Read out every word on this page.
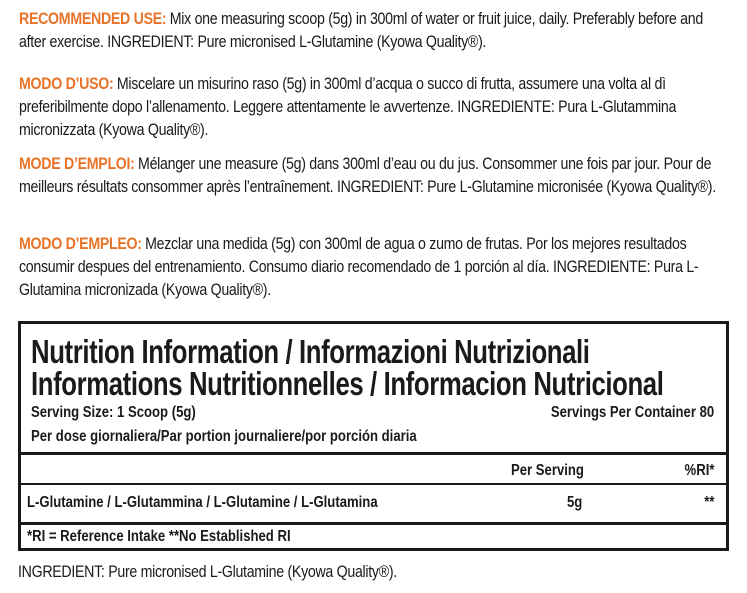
RECOMMENDED USE: Mix one measuring scoop (5g) in 300ml of water or fruit juice, daily. Preferably before and after exercise. INGREDIENT: Pure micronised L-Glutamine (Kyowa Quality®).
MODO D’USO: Miscelare un misurino raso (5g) in 300ml d’acqua o succo di frutta, assumere una volta al dì preferibilmente dopo l’allenamento. Leggere attentamente le avvertenze. INGREDIENTE: Pura L-Glutammina micronizzata (Kyowa Quality®).
MODE D’EMPLOI: Mélanger une measure (5g) dans 300ml d’eau ou du jus. Consommer une fois par jour. Pour de meilleurs résultats consommer après l’entraînement. INGREDIENT: Pure L-Glutamine micronisée (Kyowa Quality®).
MODO D’EMPLEO: Mezclar una medida (5g) con 300ml de agua o zumo de frutas. Por los mejores resultados consumir despues del entrenamiento. Consumo diario recomendado de 1 porción al día. INGREDIENTE: Pura L-Glutamina micronizada (Kyowa Quality®).
Nutrition Information / Informazioni Nutrizionali
Informations Nutritionnelles / Informacion Nutricional
Serving Size: 1 Scoop (5g)	Servings Per Container 80
Per dose giornaliera/Par portion journaliere/por porción diaria
Per Serving	%RI*
L-Glutamine / L-Glutammina / L-Glutamine / L-Glutamina	5g	**
*RI = Reference Intake **No Established RI
INGREDIENT: Pure micronised L-Glutamine (Kyowa Quality®).
